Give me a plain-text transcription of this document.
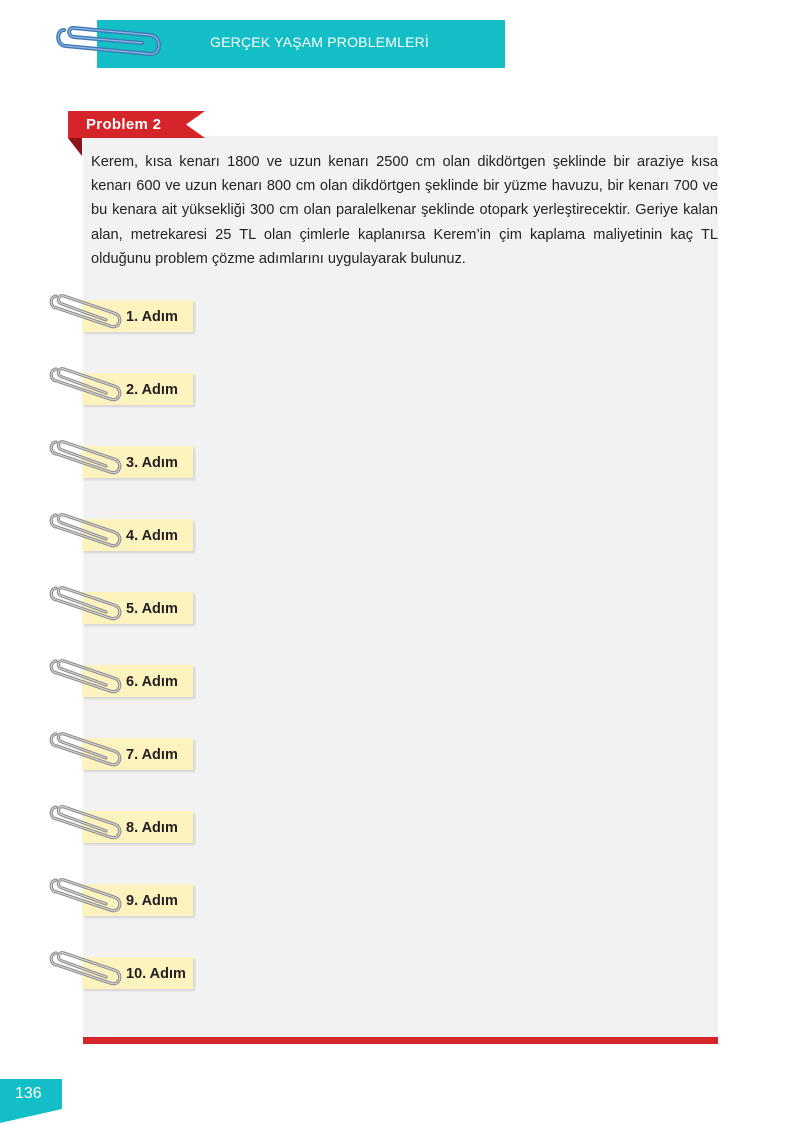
GERÇEK YAŞAM PROBLEMLERİ
Problem 2
Kerem, kısa kenarı 1800 ve uzun kenarı 2500 cm olan dikdörtgen şeklinde bir araziye kısa kenarı 600 ve uzun kenarı 800 cm olan dikdörtgen şeklinde bir yüzme havuzu, bir kenarı 700 ve bu kenara ait yüksekliği 300 cm olan paralelkenar şeklinde otopark yerleştirecektir. Geriye kalan alan, metrekaresi 25 TL olan çimlerle kaplanırsa Kerem’in çim kaplama maliyetinin kaç TL olduğunu problem çözme adımlarını uygulayarak bulunuz.
1. Adım
2. Adım
3. Adım
4. Adım
5. Adım
6. Adım
7. Adım
8. Adım
9. Adım
10. Adım
136
